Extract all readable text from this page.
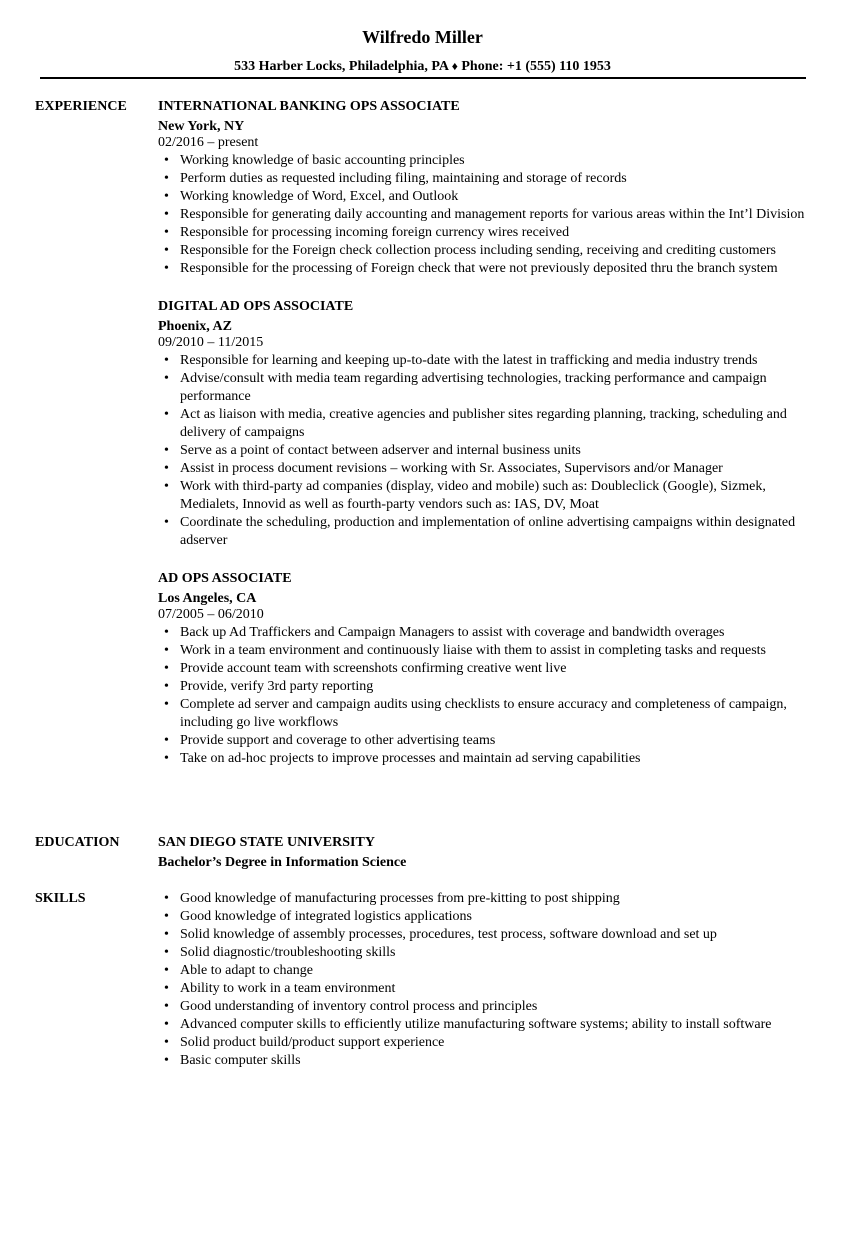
Wilfredo Miller
533 Harber Locks, Philadelphia, PA ♦ Phone: +1 (555) 110 1953
EXPERIENCE INTERNATIONAL BANKING OPS ASSOCIATE
New York, NY
02/2016 – present
• Working knowledge of basic accounting principles
• Perform duties as requested including filing, maintaining and storage of records
• Working knowledge of Word, Excel, and Outlook
• Responsible for generating daily accounting and management reports for various areas within the Int’l Division
• Responsible for processing incoming foreign currency wires received
• Responsible for the Foreign check collection process including sending, receiving and crediting customers
• Responsible for the processing of Foreign check that were not previously deposited thru the branch system
DIGITAL AD OPS ASSOCIATE
Phoenix, AZ
09/2010 – 11/2015
• Responsible for learning and keeping up-to-date with the latest in trafficking and media industry trends
• Advise/consult with media team regarding advertising technologies, tracking performance and campaign performance
• Act as liaison with media, creative agencies and publisher sites regarding planning, tracking, scheduling and delivery of campaigns
• Serve as a point of contact between adserver and internal business units
• Assist in process document revisions – working with Sr. Associates, Supervisors and/or Manager
• Work with third-party ad companies (display, video and mobile) such as: Doubleclick (Google), Sizmek, Medialets, Innovid as well as fourth-party vendors such as: IAS, DV, Moat
• Coordinate the scheduling, production and implementation of online advertising campaigns within designated adserver
AD OPS ASSOCIATE
Los Angeles, CA
07/2005 – 06/2010
• Back up Ad Traffickers and Campaign Managers to assist with coverage and bandwidth overages
• Work in a team environment and continuously liaise with them to assist in completing tasks and requests
• Provide account team with screenshots confirming creative went live
• Provide, verify 3rd party reporting
• Complete ad server and campaign audits using checklists to ensure accuracy and completeness of campaign, including go live workflows
• Provide support and coverage to other advertising teams
• Take on ad-hoc projects to improve processes and maintain ad serving capabilities
EDUCATION	SAN DIEGO STATE UNIVERSITY
Bachelor’s Degree in Information Science
SKILLS	• Good knowledge of manufacturing processes from pre-kitting to post shipping
• Good knowledge of integrated logistics applications
• Solid knowledge of assembly processes, procedures, test process, software download and set up
• Solid diagnostic/troubleshooting skills
• Able to adapt to change
• Ability to work in a team environment
• Good understanding of inventory control process and principles
• Advanced computer skills to efficiently utilize manufacturing software systems; ability to install software
• Solid product build/product support experience
• Basic computer skills
